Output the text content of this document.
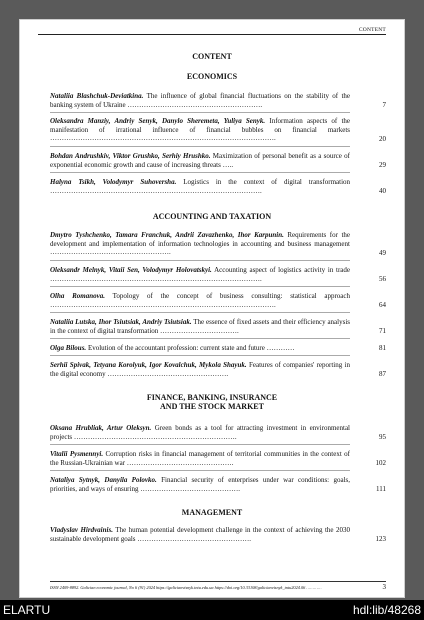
CONTENT
CONTENT
ECONOMICS
Nataliia Blashchuk-Deviatkina. The influence of global financial fluctuations on the stability of the banking system of Ukraine ………………………………………………….	7
Oleksandra Manziy, Andriy Senyk, Danylo Sheremeta, Yuliya Senyk. Information aspects of the manifestation of irrational influence of financial bubbles on financial markets …………………………………………………………………………………….	20
Bohdan Andrushkiv, Viktor Grushko, Serhiy Hrushko. Maximization of personal benefit as a source of exponential economic growth and cause of increasing threats …..	29
Halyna Tsikh, Volodymyr Suhoversha. Logistics in the context of digital transformation ……………………………………………………………………………….	40
ACCOUNTING AND TAXATION
Dmytro Tyshchenko, Tamara Franchuk, Andrii Zavazhenko, Ihor Karpunin. Requirements for the development and implementation of information technologies in accounting and business management …………………………………………….	49
Oleksandr Melnyk, Vitaii Sen, Volodymyr Holovatskyi. Accounting aspect of logistics activity in trade ……………………………………………………………………………….	56
Olha Romanova. Topology of the concept of business consulting: statistical approach …………………………………………………………………………………….	64
Nataliia Lutska, Ihor Tsiutsiak, Andriy Tsiutsiak. The essence of fixed assets and their efficiency analysis in the context of digital transformation …………………………….	71
Olga Bilous. Evolution of the accountant profession: current state and future …………	81
Serhii Spivak, Tetyana Korolyuk, Igor Kovalchuk, Mykola Shayuk. Features of companies' reporting in the digital economy …………………………………………….	87
FINANCE, BANKING, INSURANCE
AND THE STOCK MARKET
Oksana Hrubliak, Artur Oleksyn. Green bonds as a tool for attracting investment in environmental projects …………………………………………………………….	95
Vitalii Pysmennyi. Corruption risks in financial management of territorial communities in the context of the Russian-Ukrainian war ……………………………………….	102
Nataliya Sytnyk, Danyila Polovko. Financial security of enterprises under war conditions: goals, priorities, and ways of ensuring …………………………………….	111
MANAGEMENT
Vladyslav Hirdvainis. The human potential development challenge in the context of achieving the 2030 sustainable development goals ………………………………………….	123
ISSN 2409-8892. Galician economic journal, No 6 (91) 2024 https://galicianvisnyk.tntu.edu.ua https://doi.org/10.33108/galicianvisnyk_tntu2024.06 …………	3
ELARTU	hdl:lib/48268
